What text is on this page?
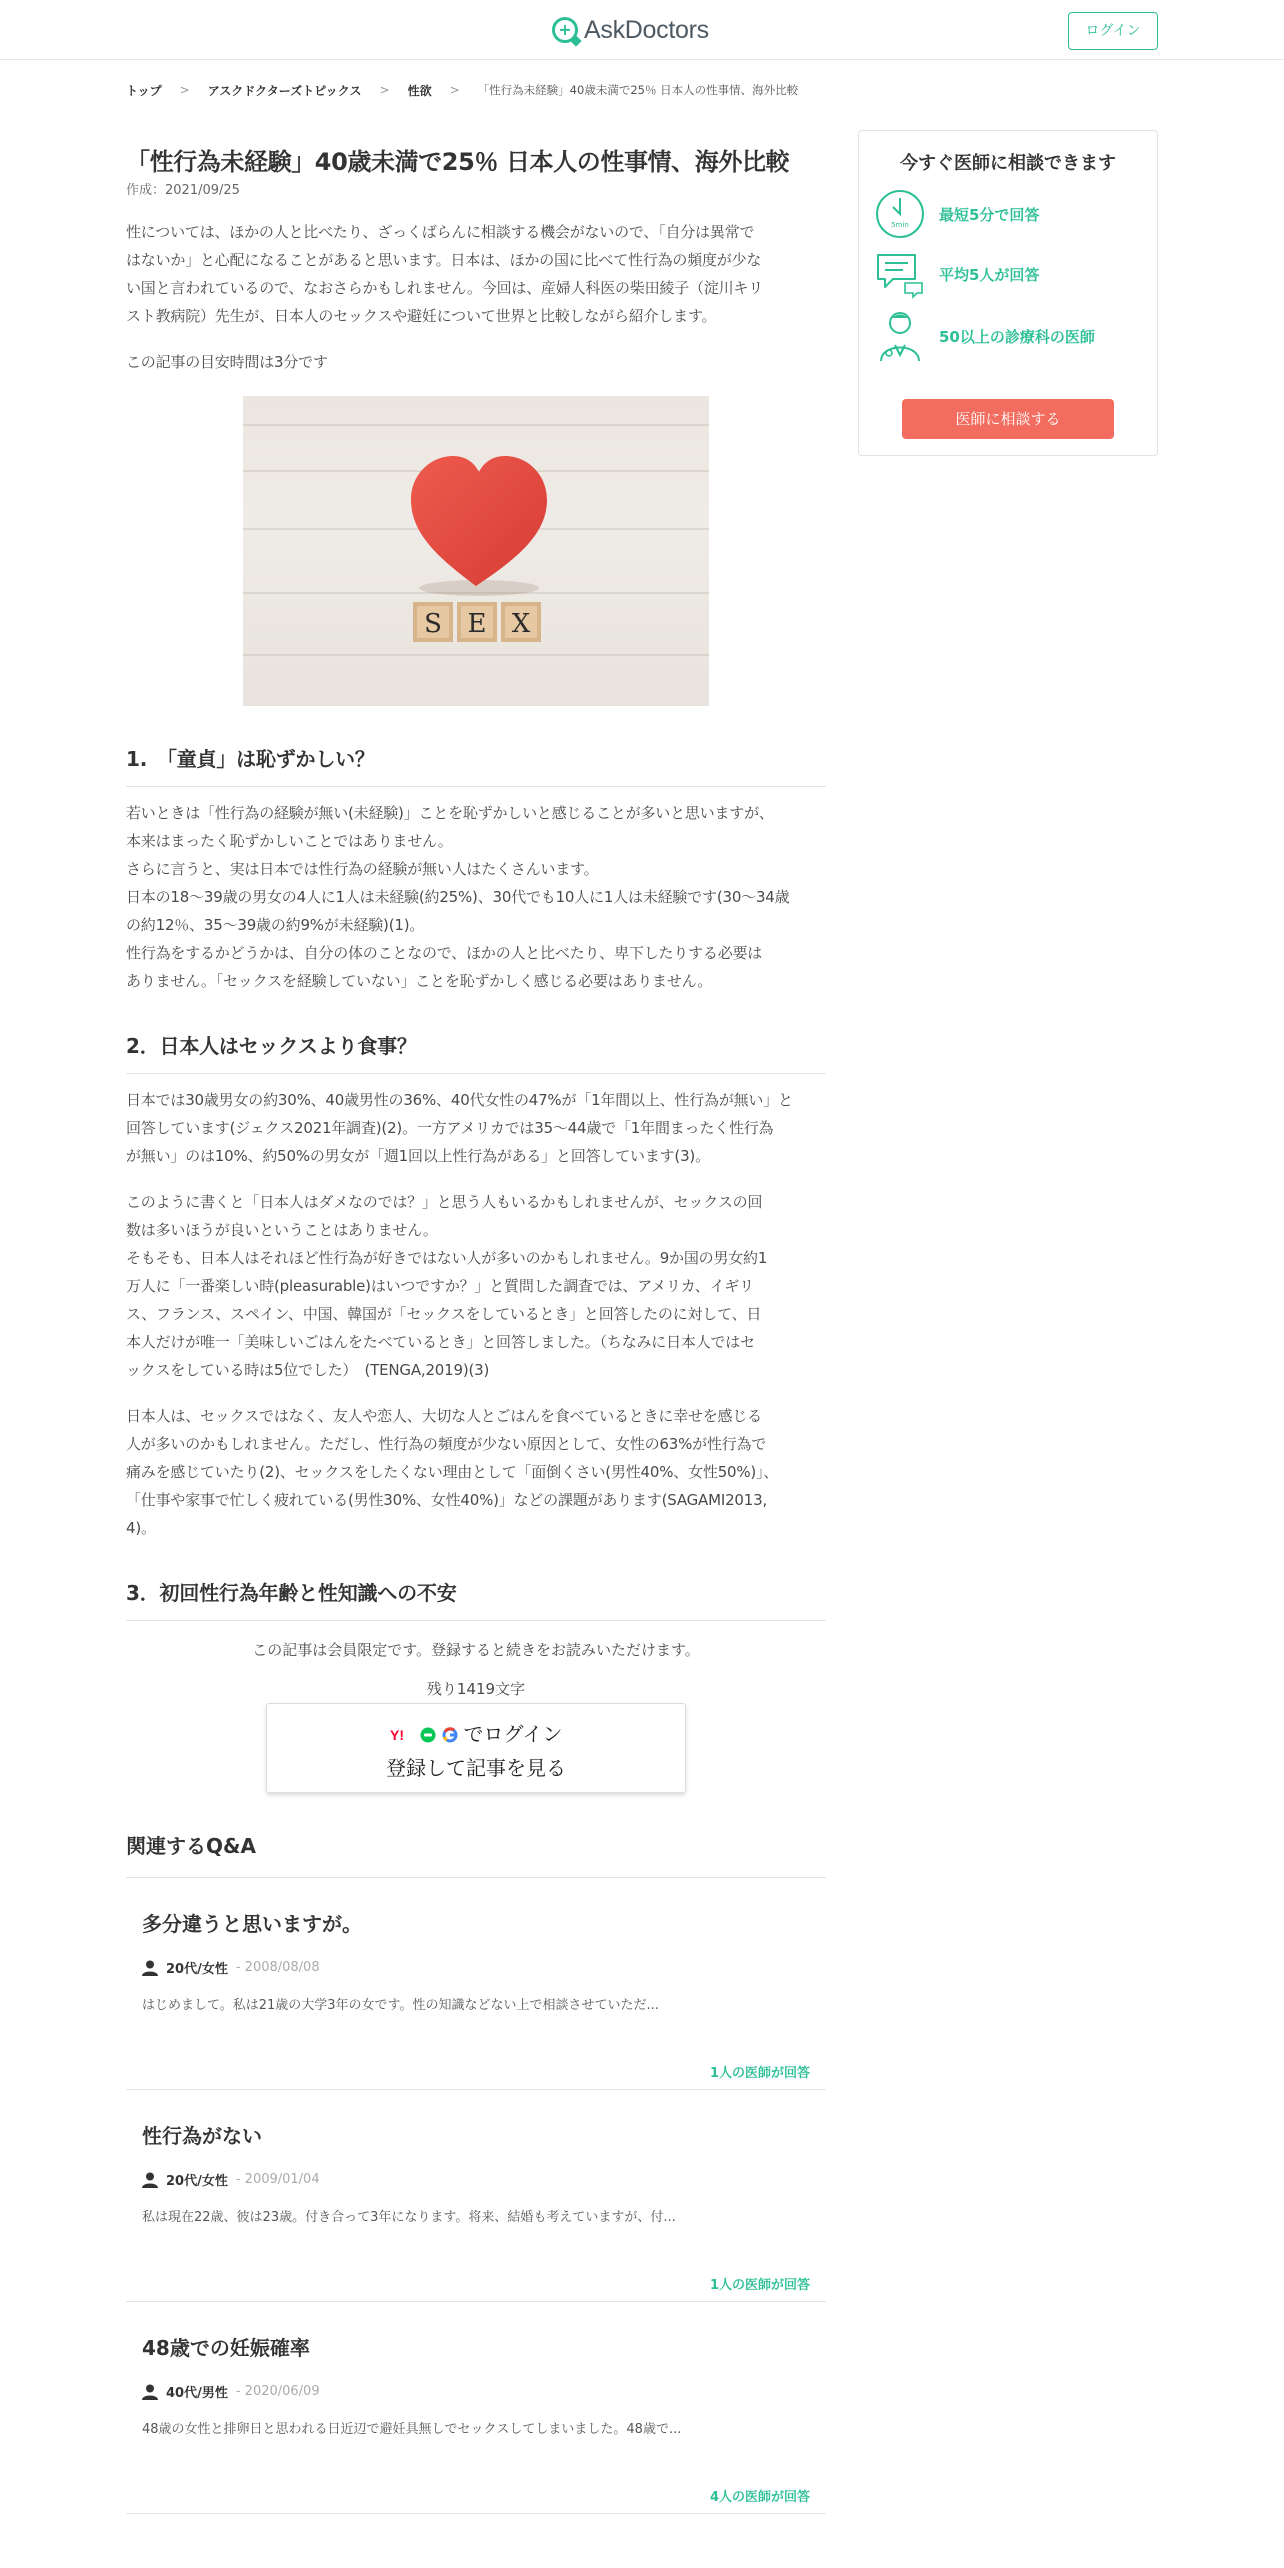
+ AskDoctors	ログイン
トップ > アスクドクターズトピックス > 性欲 > 「性行為未経験」40歳未満で25％ 日本人の性事情、海外比較
「性行為未経験」40歳未満で25％ 日本人の性事情、海外比較
作成：2021/09/25
性については、ほかの人と比べたり、ざっくばらんに相談する機会がないので、「自分は異常で
はないか」と心配になることがあると思います。日本は、ほかの国に比べて性行為の頻度が少な
い国と言われているので、なおさらかもしれません。今回は、産婦人科医の柴田綾子（淀川キリ
スト教病院）先生が、日本人のセックスや避妊について世界と比較しながら紹介します。
この記事の目安時間は3分です
S E X
1.　「童貞」は恥ずかしい？
若いときは「性行為の経験が無い(未経験)」ことを恥ずかしいと感じることが多いと思いますが、
本来はまったく恥ずかしいことではありません。
さらに言うと、実は日本では性行為の経験が無い人はたくさんいます。
日本の18～39歳の男女の4人に1人は未経験(約25%)、30代でも10人に1人は未経験です(30～34歳
の約12％、35～39歳の約9%が未経験)(1)。
性行為をするかどうかは、自分の体のことなので、ほかの人と比べたり、卑下したりする必要は
ありません。「セックスを経験していない」ことを恥ずかしく感じる必要はありません。
2．日本人はセックスより食事？
日本では30歳男女の約30%、40歳男性の36%、40代女性の47%が「1年間以上、性行為が無い」と
回答しています(ジェクス2021年調査)(2)。一方アメリカでは35～44歳で「1年間まったく性行為
が無い」のは10%、約50%の男女が「週1回以上性行為がある」と回答しています(3)。
このように書くと「日本人はダメなのでは？」と思う人もいるかもしれませんが、セックスの回
数は多いほうが良いということはありません。
そもそも、日本人はそれほど性行為が好きではない人が多いのかもしれません。9か国の男女約1
万人に「一番楽しい時(pleasurable)はいつですか？」と質問した調査では、アメリカ、イギリ
ス、フランス、スペイン、中国、韓国が「セックスをしているとき」と回答したのに対して、日
本人だけが唯一「美味しいごはんをたべているとき」と回答しました。（ちなみに日本人ではセ
ックスをしている時は5位でした）　(TENGA,2019)(3)
日本人は、セックスではなく、友人や恋人、大切な人とごはんを食べているときに幸せを感じる
人が多いのかもしれません。ただし、性行為の頻度が少ない原因として、女性の63%が性行為で
痛みを感じていたり(2)、セックスをしたくない理由として「面倒くさい(男性40%、女性50%)」、
「仕事や家事で忙しく疲れている(男性30%、女性40%)」などの課題があります(SAGAMI2013,
4)。
3．初回性行為年齢と性知識への不安
この記事は会員限定です。登録すると続きをお読みいただけます。
残り1419文字
Y!	でログイン
登録して記事を見る
関連するQ&A
多分違うと思いますが。
20代/女性 - 2008/08/08
はじめまして。私は21歳の大学3年の女です。性の知識などない上で相談させていただ...
1人の医師が回答
性行為がない
20代/女性 - 2009/01/04
私は現在22歳、彼は23歳。付き合って3年になります。将来、結婚も考えていますが、付...
1人の医師が回答
48歳での妊娠確率
40代/男性 - 2020/06/09
48歳の女性と排卵日と思われる日近辺で避妊具無しでセックスしてしまいました。48歳で...
4人の医師が回答
今すぐ医師に相談できます
5min
最短5分で回答
平均5人が回答
50以上の診療科の医師
医師に相談する
